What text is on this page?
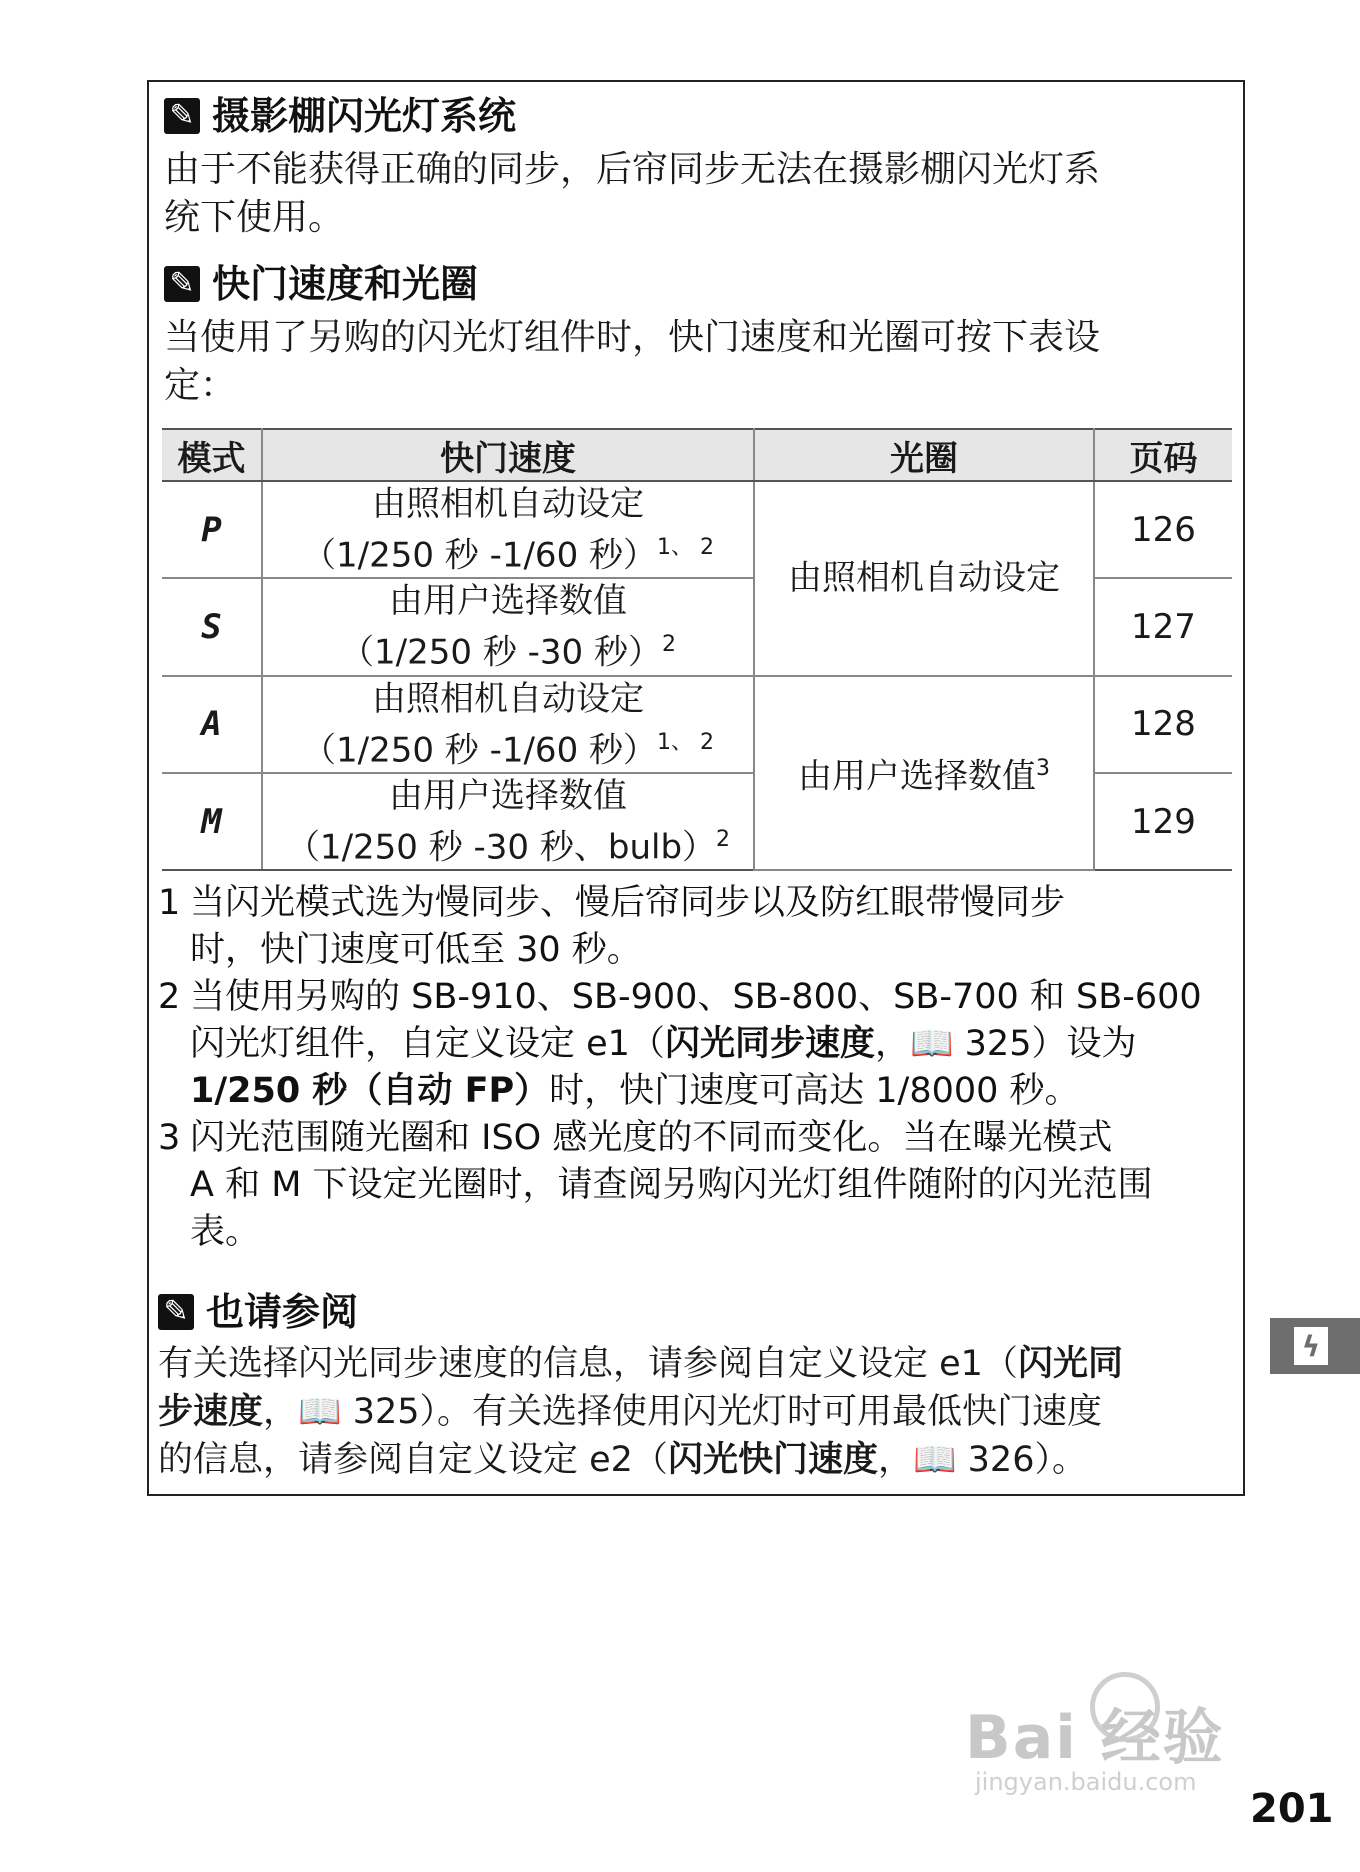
✎ 摄影棚闪光灯系统
由于不能获得正确的同步，后帘同步无法在摄影棚闪光灯系
统下使用。
✎ 快门速度和光圈
当使用了另购的闪光灯组件时，快门速度和光圈可按下表设
定：
模式	快门速度	光圈	页码
P	由照相机自动设定
（1/250 秒 -1/60 秒）$^{1、 2}$	由照相机自动设定	126
S	由用户选择数值
（1/250 秒 -30 秒）$^2$		127
A	由照相机自动设定
（1/250 秒 -1/60 秒）$^{1、 2}$	由用户选择数值$^3$	128
M	由用户选择数值
（1/250 秒 -30 秒、bulb）$^2$		129
1 当闪光模式选为慢同步、慢后帘同步以及防红眼带慢同步
时，快门速度可低至 30 秒。
2 当使用另购的 SB-910、SB-900、SB-800、SB-700 和 SB-600
闪光灯组件，自定义设定 e1（闪光同步速度，📖 325）设为
1/250 秒（自动 FP）时，快门速度可高达 1/8000 秒。
3 闪光范围随光圈和 ISO 感光度的不同而变化。当在曝光模式
A 和 M 下设定光圈时，请查阅另购闪光灯组件随附的闪光范围
表。
✎ 也请参阅
有关选择闪光同步速度的信息，请参阅自定义设定 e1（闪光同
步速度，📖 325）。有关选择使用闪光灯时可用最低快门速度
的信息，请参阅自定义设定 e2（闪光快门速度，📖 326）。
ϟ
Bai 经验
jingyan.baidu.com
201
